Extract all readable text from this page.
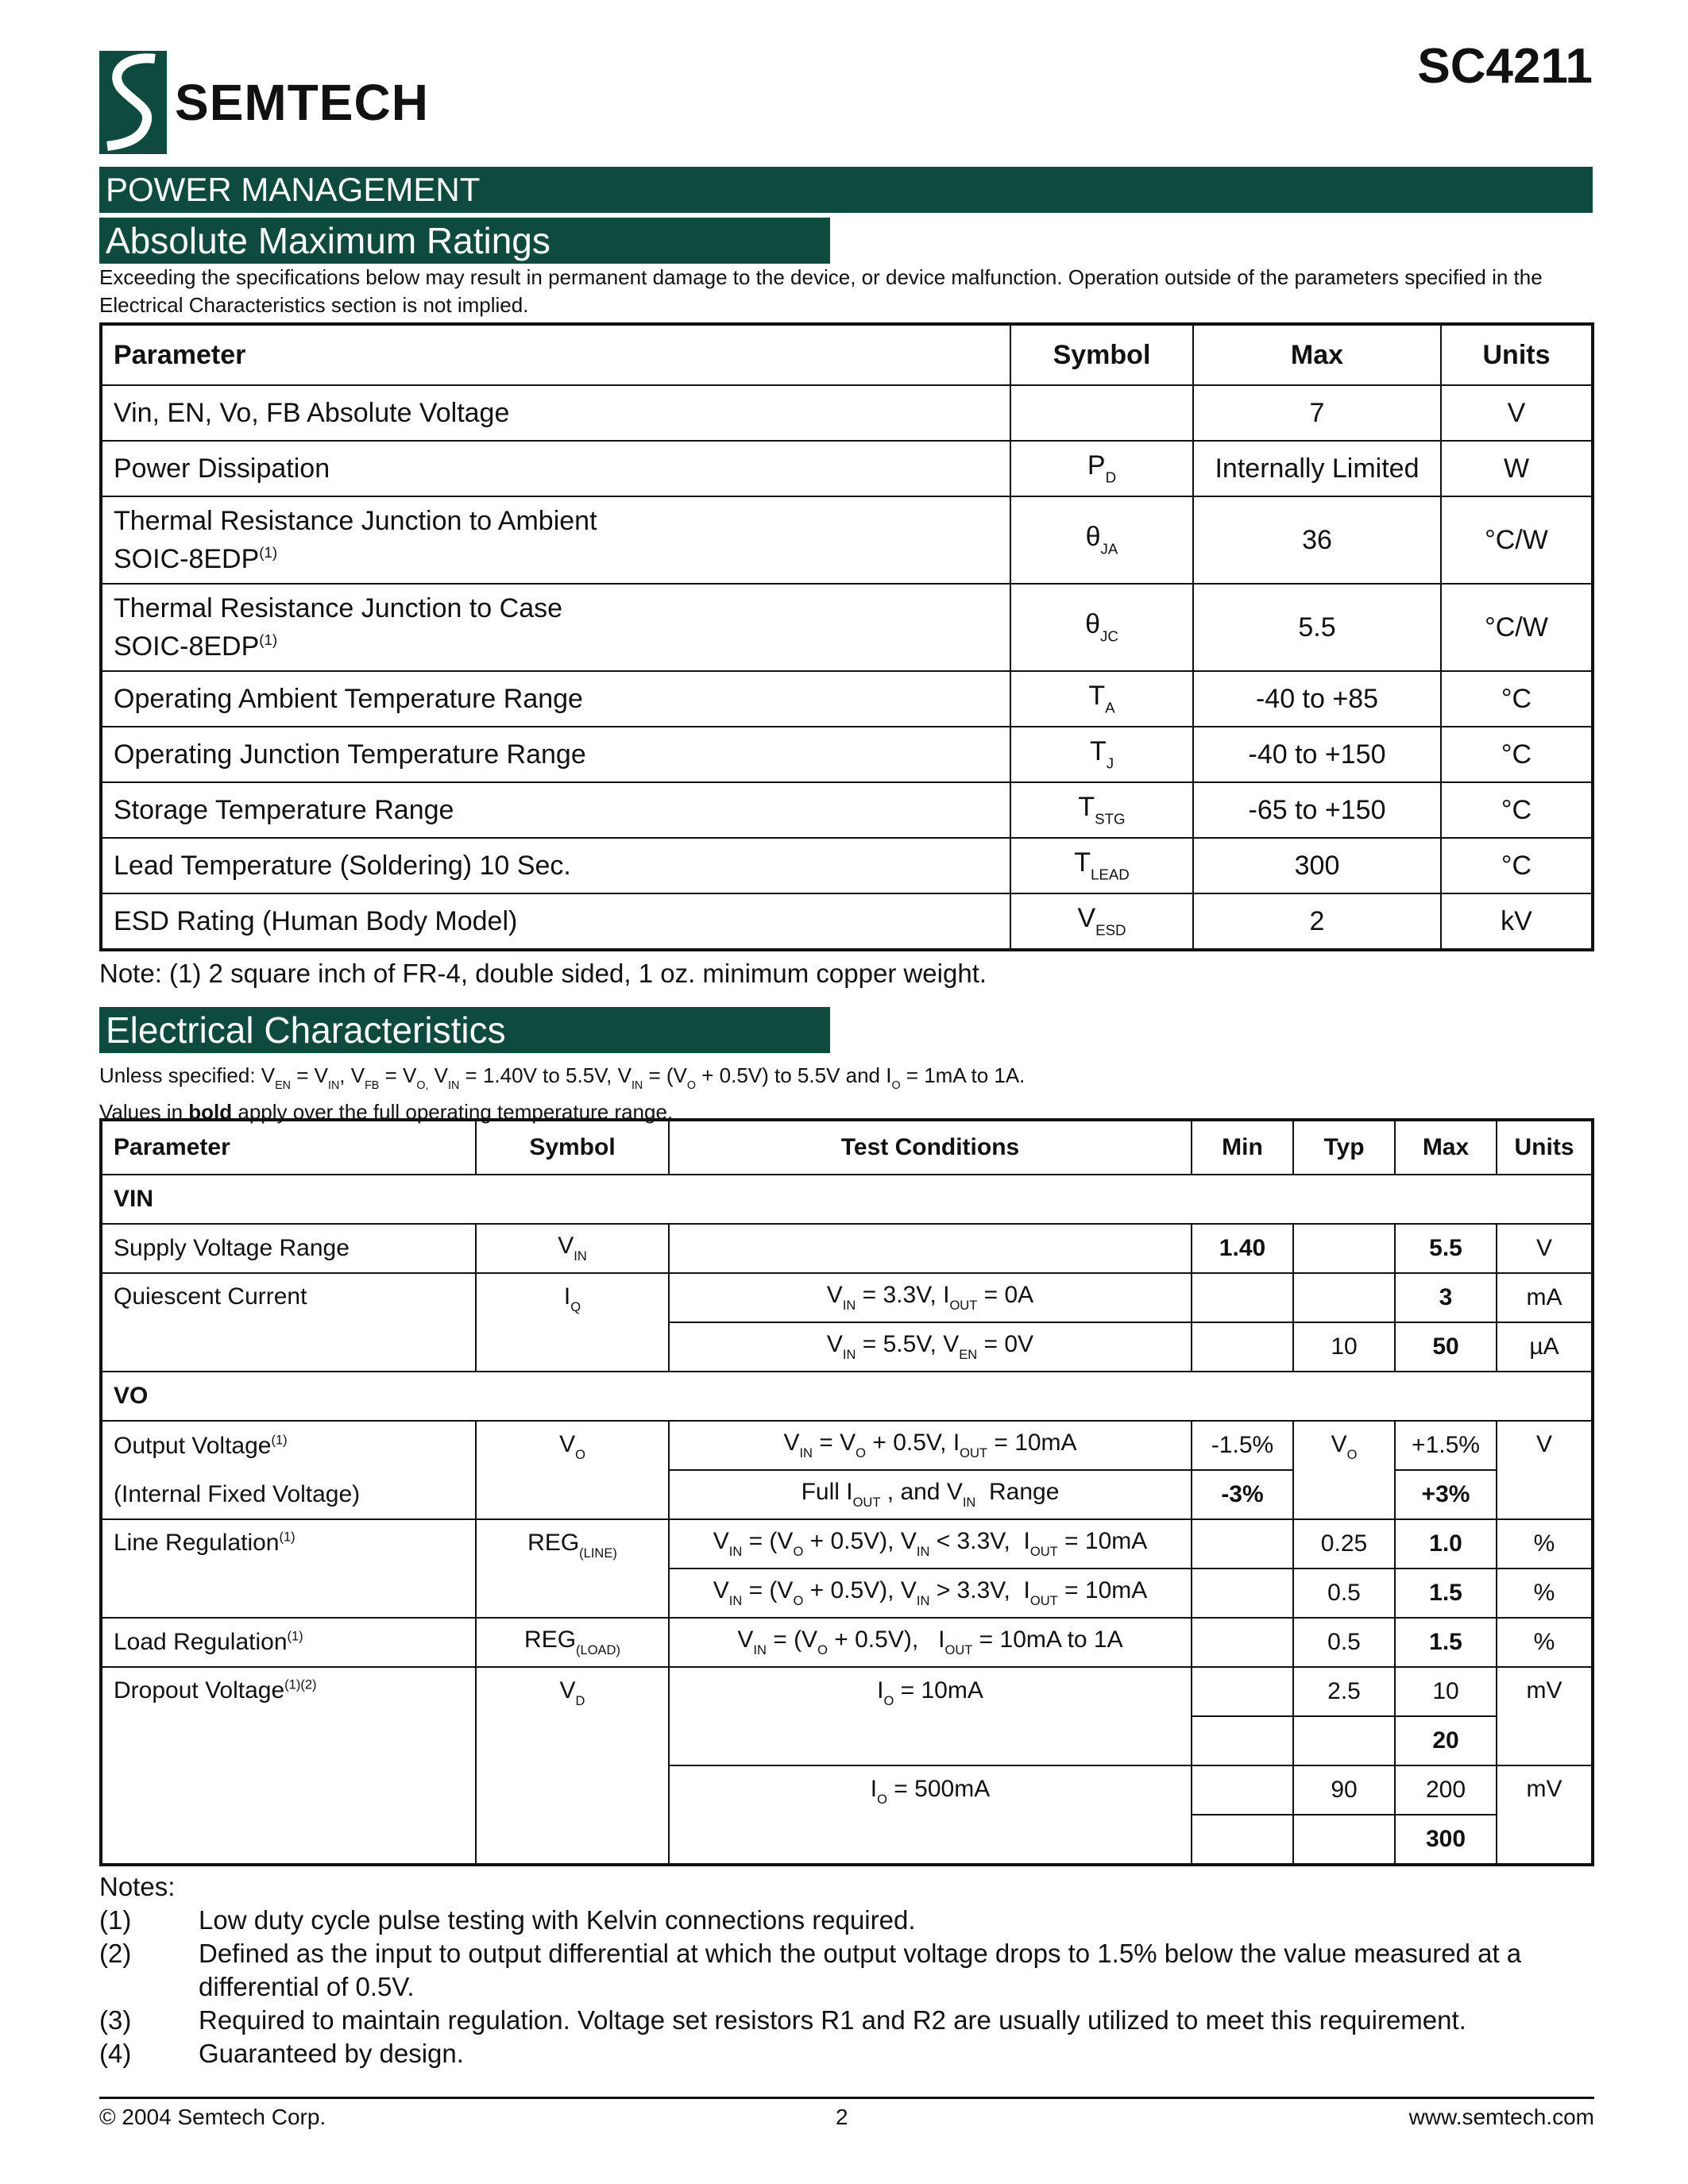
SEMTECH
SC4211
POWER MANAGEMENT
Absolute Maximum Ratings
Exceeding the specifications below may result in permanent damage to the device, or device malfunction. Operation outside of the parameters specified in the Electrical Characteristics section is not implied.
Parameter	Symbol	Max	Units
Vin, EN, Vo, FB Absolute Voltage		7	V
Power Dissipation	$P_D$	Internally Limited	W

Thermal Resistance Junction to Ambient
SOIC-8EDP$^{(1)}$	$\theta_{JA}$	36	°C/W

Thermal Resistance Junction to Case
SOIC-8EDP$^{(1)}$	$\theta_{JC}$	5.5	°C/W
Operating Ambient Temperature Range	$T_A$	-40 to +85	°C
Operating Junction Temperature Range	$T_J$	-40 to +150	°C
Storage Temperature Range	$T_{STG}$	-65 to +150	°C
Lead Temperature (Soldering) 10 Sec.	$T_{LEAD}$	300	°C
ESD Rating (Human Body Model)	$V_{ESD}$	2	kV
Note: (1) 2 square inch of FR-4, double sided, 1 oz. minimum copper weight.
Electrical Characteristics
Unless specified: $V_{EN} = V_{IN}$, $V_{FB} = V_{O,}$ $V_{IN} = 1.40V$ to 5.5V, $V_{IN} = (V_O + 0.5V)$ to 5.5V and $I_O = 1mA$ to 1A.
Values in bold apply over the full operating temperature range.
Parameter	Symbol	Test Conditions	Min	Typ	Max	Units
VIN						
Supply Voltage Range	$V_{IN}$		1.40		5.5	V
Quiescent Current	$I_Q$	$V_{IN} = 3.3V$, $I_{OUT} = 0A$			3	mA
		$V_{IN} = 5.5V$, $V_{EN} = 0V$		10	50	µA
VO						
Output Voltage$^{(1)}$	$V_O$	$V_{IN} = V_O + 0.5V$, $I_{OUT} = 10mA$	-1.5%	$V_O$	+1.5%	V
(Internal Fixed Voltage)		Full $I_{OUT}$ , and $V_{IN}$  Range	-3%		+3%	
Line Regulation$^{(1)}$	$REG_{(LINE)}$	$V_{IN} = (V_O + 0.5V)$, $V_{IN} < 3.3V$,  $I_{OUT} = 10mA$		0.25	1.0	%
		$V_{IN} = (V_O + 0.5V)$, $V_{IN} > 3.3V$,  $I_{OUT} = 10mA$		0.5	1.5	%
Load Regulation$^{(1)}$	$REG_{(LOAD)}$	$V_{IN} = (V_O + 0.5V)$,   $I_{OUT} = 10mA$ to 1A		0.5	1.5	%
Dropout Voltage$^{(1)(2)}$	$V_D$	$I_O = 10mA$		2.5	10	mV
					20	
		$I_O = 500mA$		90	200	mV
					300	
Notes:
(1)	Low duty cycle pulse testing with Kelvin connections required.
(2)	Defined as the input to output differential at which the output voltage drops to 1.5% below the value measured at a differential of 0.5V.
(3)	Required to maintain regulation. Voltage set resistors R1 and R2 are usually utilized to meet this requirement.
(4)	Guaranteed by design.
© 2004 Semtech Corp.	2	www.semtech.com
